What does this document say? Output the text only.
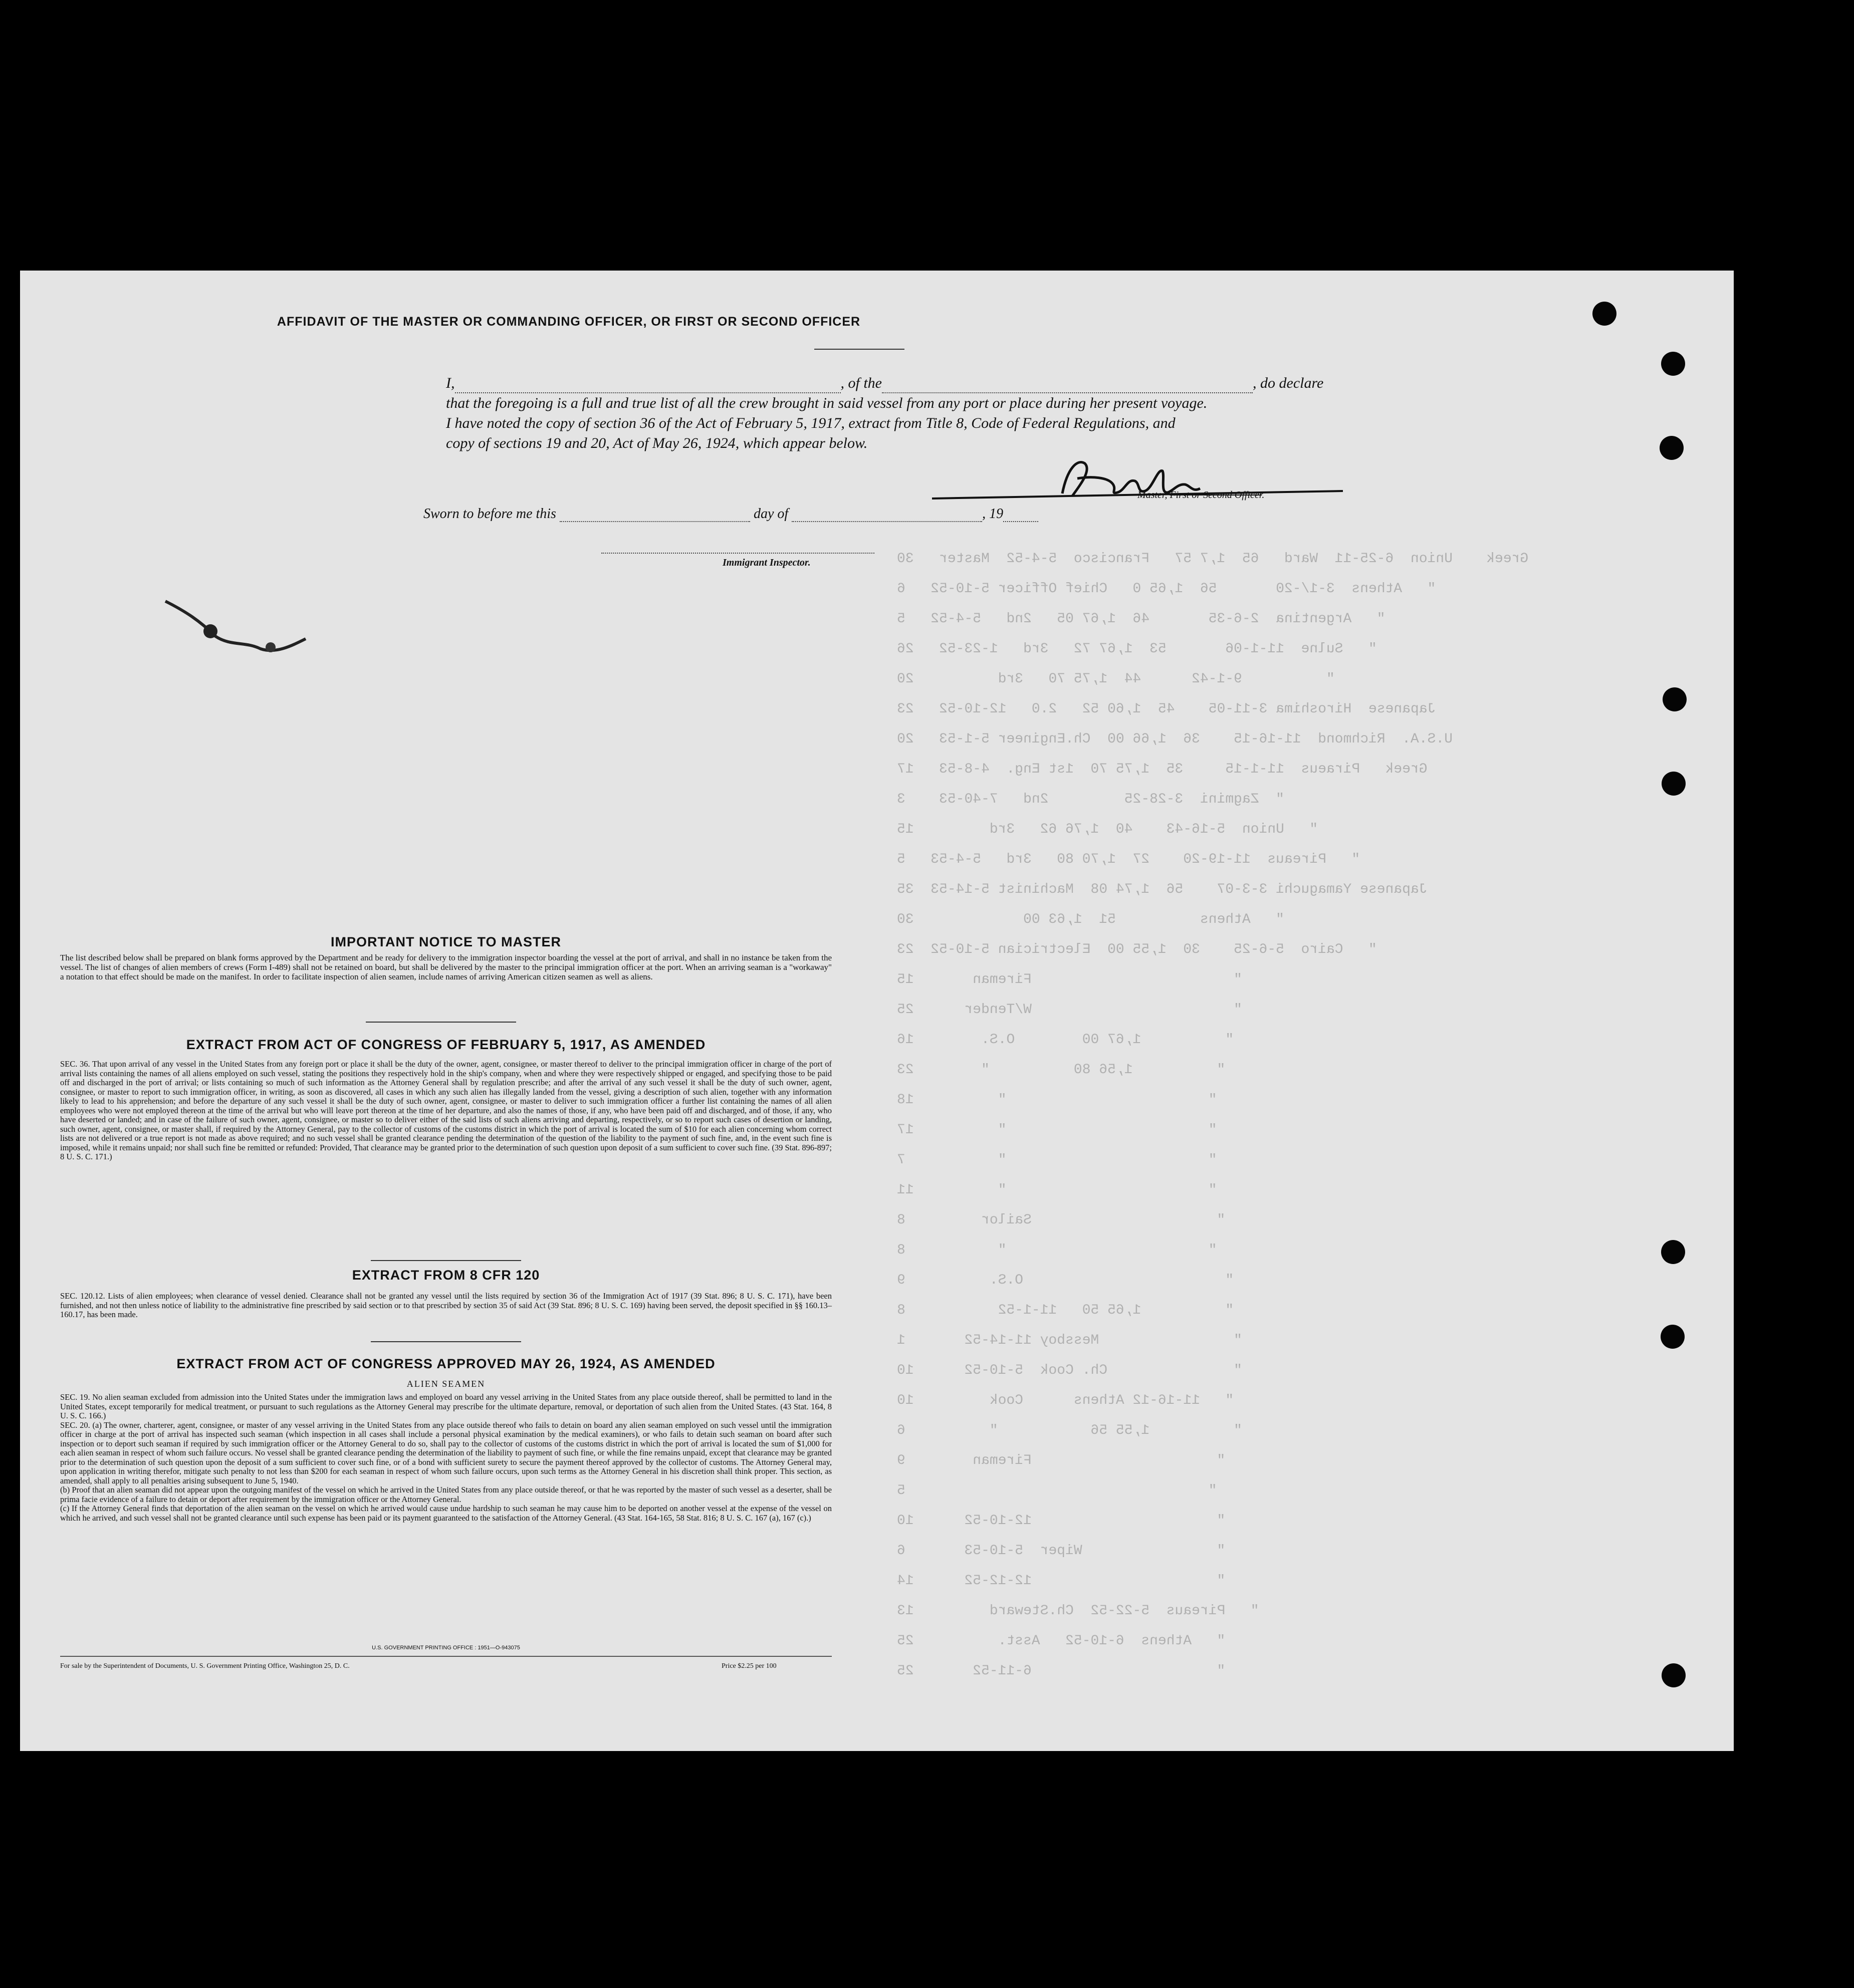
AFFIDAVIT OF THE MASTER OR COMMANDING OFFICER, OR FIRST OR SECOND OFFICER
I,	, of the	, do declare
that the foregoing is a full and true list of all the crew brought in said vessel from any port or place during her present voyage.
I have noted the copy of section 36 of the Act of February 5, 1917, extract from Title 8, Code of Federal Regulations, and
copy of sections 19 and 20, Act of May 26, 1924, which appear below.
Master, First or Second Officer.
Sworn to before me this	day of	, 19
Immigrant Inspector.
IMPORTANT NOTICE TO MASTER
The list described below shall be prepared on blank forms approved by the Department and be ready for delivery to the immigration inspector boarding the vessel at the port of arrival, and shall in no instance be taken from the vessel. The list of changes of alien members of crews (Form I-489) shall not be retained on board, but shall be delivered by the master to the principal immigration officer at the port. When an arriving seaman is a "workaway" a notation to that effect should be made on the manifest. In order to facilitate inspection of alien seamen, include names of arriving American citizen seamen as well as aliens.
EXTRACT FROM ACT OF CONGRESS OF FEBRUARY 5, 1917, AS AMENDED
SEC. 36. That upon arrival of any vessel in the United States from any foreign port or place it shall be the duty of the owner, agent, consignee, or master thereof to deliver to the principal immigration officer in charge of the port of arrival lists containing the names of all aliens employed on such vessel, stating the positions they respectively hold in the ship's company, when and where they were respectively shipped or engaged, and specifying those to be paid off and discharged in the port of arrival; or lists containing so much of such information as the Attorney General shall by regulation prescribe; and after the arrival of any such vessel it shall be the duty of such owner, agent, consignee, or master to report to such immigration officer, in writing, as soon as discovered, all cases in which any such alien has illegally landed from the vessel, giving a description of such alien, together with any information likely to lead to his apprehension; and before the departure of any such vessel it shall be the duty of such owner, agent, consignee, or master to deliver to such immigration officer a further list containing the names of all alien employees who were not employed thereon at the time of the arrival but who will leave port thereon at the time of her departure, and also the names of those, if any, who have been paid off and discharged, and of those, if any, who have deserted or landed; and in case of the failure of such owner, agent, consignee, or master so to deliver either of the said lists of such aliens arriving and departing, respectively, or so to report such cases of desertion or landing, such owner, agent, consignee, or master shall, if required by the Attorney General, pay to the collector of customs of the customs district in which the port of arrival is located the sum of $10 for each alien concerning whom correct lists are not delivered or a true report is not made as above required; and no such vessel shall be granted clearance pending the determination of the question of the liability to the payment of such fine, and, in the event such fine is imposed, while it remains unpaid; nor shall such fine be remitted or refunded: Provided, That clearance may be granted prior to the determination of such question upon deposit of a sum sufficient to cover such fine. (39 Stat. 896-897; 8 U. S. C. 171.)
EXTRACT FROM 8 CFR 120
SEC. 120.12. Lists of alien employees; when clearance of vessel denied. Clearance shall not be granted any vessel until the lists required by section 36 of the Immigration Act of 1917 (39 Stat. 896; 8 U. S. C. 171), have been furnished, and not then unless notice of liability to the administrative fine prescribed by said section or to that prescribed by section 35 of said Act (39 Stat. 896; 8 U. S. C. 169) having been served, the deposit specified in §§ 160.13–160.17, has been made.
EXTRACT FROM ACT OF CONGRESS APPROVED MAY 26, 1924, AS AMENDED
ALIEN SEAMEN
SEC. 19. No alien seaman excluded from admission into the United States under the immigration laws and employed on board any vessel arriving in the United States from any place outside thereof, shall be permitted to land in the United States, except temporarily for medical treatment, or pursuant to such regulations as the Attorney General may prescribe for the ultimate departure, removal, or deportation of such alien from the United States. (43 Stat. 164, 8 U. S. C. 166.)
SEC. 20. (a) The owner, charterer, agent, consignee, or master of any vessel arriving in the United States from any place outside thereof who fails to detain on board any alien seaman employed on such vessel until the immigration officer in charge at the port of arrival has inspected such seaman (which inspection in all cases shall include a personal physical examination by the medical examiners), or who fails to detain such seaman on board after such inspection or to deport such seaman if required by such immigration officer or the Attorney General to do so, shall pay to the collector of customs of the customs district in which the port of arrival is located the sum of $1,000 for each alien seaman in respect of whom such failure occurs. No vessel shall be granted clearance pending the determination of the liability to payment of such fine, or while the fine remains unpaid, except that clearance may be granted prior to the determination of such question upon the deposit of a sum sufficient to cover such fine, or of a bond with sufficient surety to secure the payment thereof approved by the collector of customs. The Attorney General may, upon application in writing therefor, mitigate such penalty to not less than $200 for each seaman in respect of whom such failure occurs, upon such terms as the Attorney General in his discretion shall think proper. This section, as amended, shall apply to all penalties arising subsequent to June 5, 1940.
(b) Proof that an alien seaman did not appear upon the outgoing manifest of the vessel on which he arrived in the United States from any place outside thereof, or that he was reported by the master of such vessel as a deserter, shall be prima facie evidence of a failure to detain or deport after requirement by the immigration officer or the Attorney General.
(c) If the Attorney General finds that deportation of the alien seaman on the vessel on which he arrived would cause undue hardship to such seaman he may cause him to be deported on another vessel at the expense of the vessel on which he arrived, and such vessel shall not be granted clearance until such expense has been paid or its payment guaranteed to the satisfaction of the Attorney General. (43 Stat. 164-165, 58 Stat. 816; 8 U. S. C. 167 (a), 167 (c).)
U.S. GOVERNMENT PRINTING OFFICE : 1951—O-943075
For sale by the Superintendent of Documents, U. S. Government Printing Office, Washington 25, D. C.	Price $2.25 per 100
Greek    Union  6-25-11  Ward   65  1,7 57   Francisco  5-4-52  Master   30
"   Athens  3-1/-20       56  1,65 0   Chief Officer 5-10-52   6
"   Argentina  2-6-35       46  1,67 05   2nd   5-4-52   5
"   Sulne  11-1-06       53  1,67 72   3rd   1-23-52   26
"          9-1-42      44  1,75 70   3rd          20
Japanese  Hiroshima 3-11-05    45  1,60 52   2.0   12-10-52   23
U.S.A.  Richmond  11-16-15    36  1,66 00  Ch.Engineer 5-1-53   20
Greek   Piraeus  11-1-15     35  1,75 70  1st Eng.  4-8-53   17
"  Zagmini  3-28-25         2nd   7-40-53    3
"   Union  5-16-43    40  1,76 62   3rd         15
"   Pireaus  11-19-20    27  1,70 80   3rd   5-4-53   5
Japanese Yamaguchi 3-3-07    56  1,74 08  Machinist 5-14-53  35
"   Athens          51  1,63 00             30
"   Cairo  5-6-25    30  1,55 00  Electrician 5-10-52  23
"                        Fireman       15
"                        W/Tender      25
"          1,67 00        O.S.        16
"          1,56 80          "        23
"                        "          18
"                        "          17
"                        "           7
"                        "          11
"                      Sailor         8
"                        "           8
"                        O.S.          9
"          1,65 50   11-1-52           8
"                Messboy 11-14-52       1
"               Ch. Cook  5-10-52      10
"   11-16-12 Athens      Cook         10
"          1,55 56           "          6
"                      Fireman        9
"                                    5
"                      12-10-52      10
"                Wiper  5-10-53       6
"                      12-12-52      14
"   Pireaus  5-22-52  Ch.Steward         13
"   Athens  6-10-52   Asst.          25
"                      6-11-52       25
